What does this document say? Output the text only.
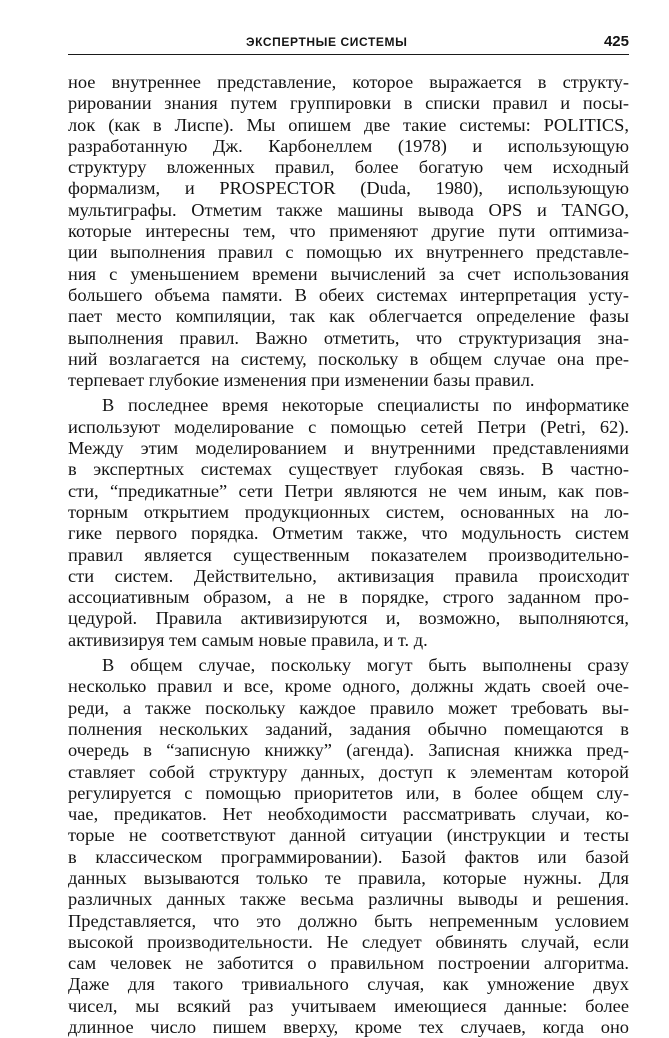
ЭКСПЕРТНЫЕ СИСТЕМЫ	425
ное внутреннее представление, которое выражается в структу-
рировании знания путем группировки в списки правил и посы-
лок (как в Лиспе). Мы опишем две такие системы: POLITICS,
разработанную Дж. Карбонеллем (1978) и использующую
структуру вложенных правил, более богатую чем исходный
формализм, и PROSPECTOR (Duda, 1980), использующую
мультиграфы. Отметим также машины вывода OPS и TANGO,
которые интересны тем, что применяют другие пути оптимиза-
ции выполнения правил с помощью их внутреннего представле-
ния с уменьшением времени вычислений за счет использования
большего объема памяти. В обеих системах интерпретация усту-
пает место компиляции, так как облегчается определение фазы
выполнения правил. Важно отметить, что структуризация зна-
ний возлагается на систему, поскольку в общем случае она пре-
терпевает глубокие изменения при изменении базы правил.
В последнее время некоторые специалисты по информатике
используют моделирование с помощью сетей Петри (Petri, 62).
Между этим моделированием и внутренними представлениями
в экспертных системах существует глубокая связь. В частно-
сти, “предикатные” сети Петри являются не чем иным, как пов-
торным открытием продукционных систем, основанных на ло-
гике первого порядка. Отметим также, что модульность систем
правил является существенным показателем производительно-
сти систем. Действительно, активизация правила происходит
ассоциативным образом, а не в порядке, строго заданном про-
цедурой. Правила активизируются и, возможно, выполняются,
активизируя тем самым новые правила, и т. д.
В общем случае, поскольку могут быть выполнены сразу
несколько правил и все, кроме одного, должны ждать своей оче-
реди, а также поскольку каждое правило может требовать вы-
полнения нескольких заданий, задания обычно помещаются в
очередь в “записную книжку” (агенда). Записная книжка пред-
ставляет собой структуру данных, доступ к элементам которой
регулируется с помощью приоритетов или, в более общем слу-
чае, предикатов. Нет необходимости рассматривать случаи, ко-
торые не соответствуют данной ситуации (инструкции и тесты
в классическом программировании). Базой фактов или базой
данных вызываются только те правила, которые нужны. Для
различных данных также весьма различны выводы и решения.
Представляется, что это должно быть непременным условием
высокой производительности. Не следует обвинять случай, если
сам человек не заботится о правильном построении алгоритма.
Даже для такого тривиального случая, как умножение двух
чисел, мы всякий раз учитываем имеющиеся данные: более
длинное число пишем вверху, кроме тех случаев, когда оно
